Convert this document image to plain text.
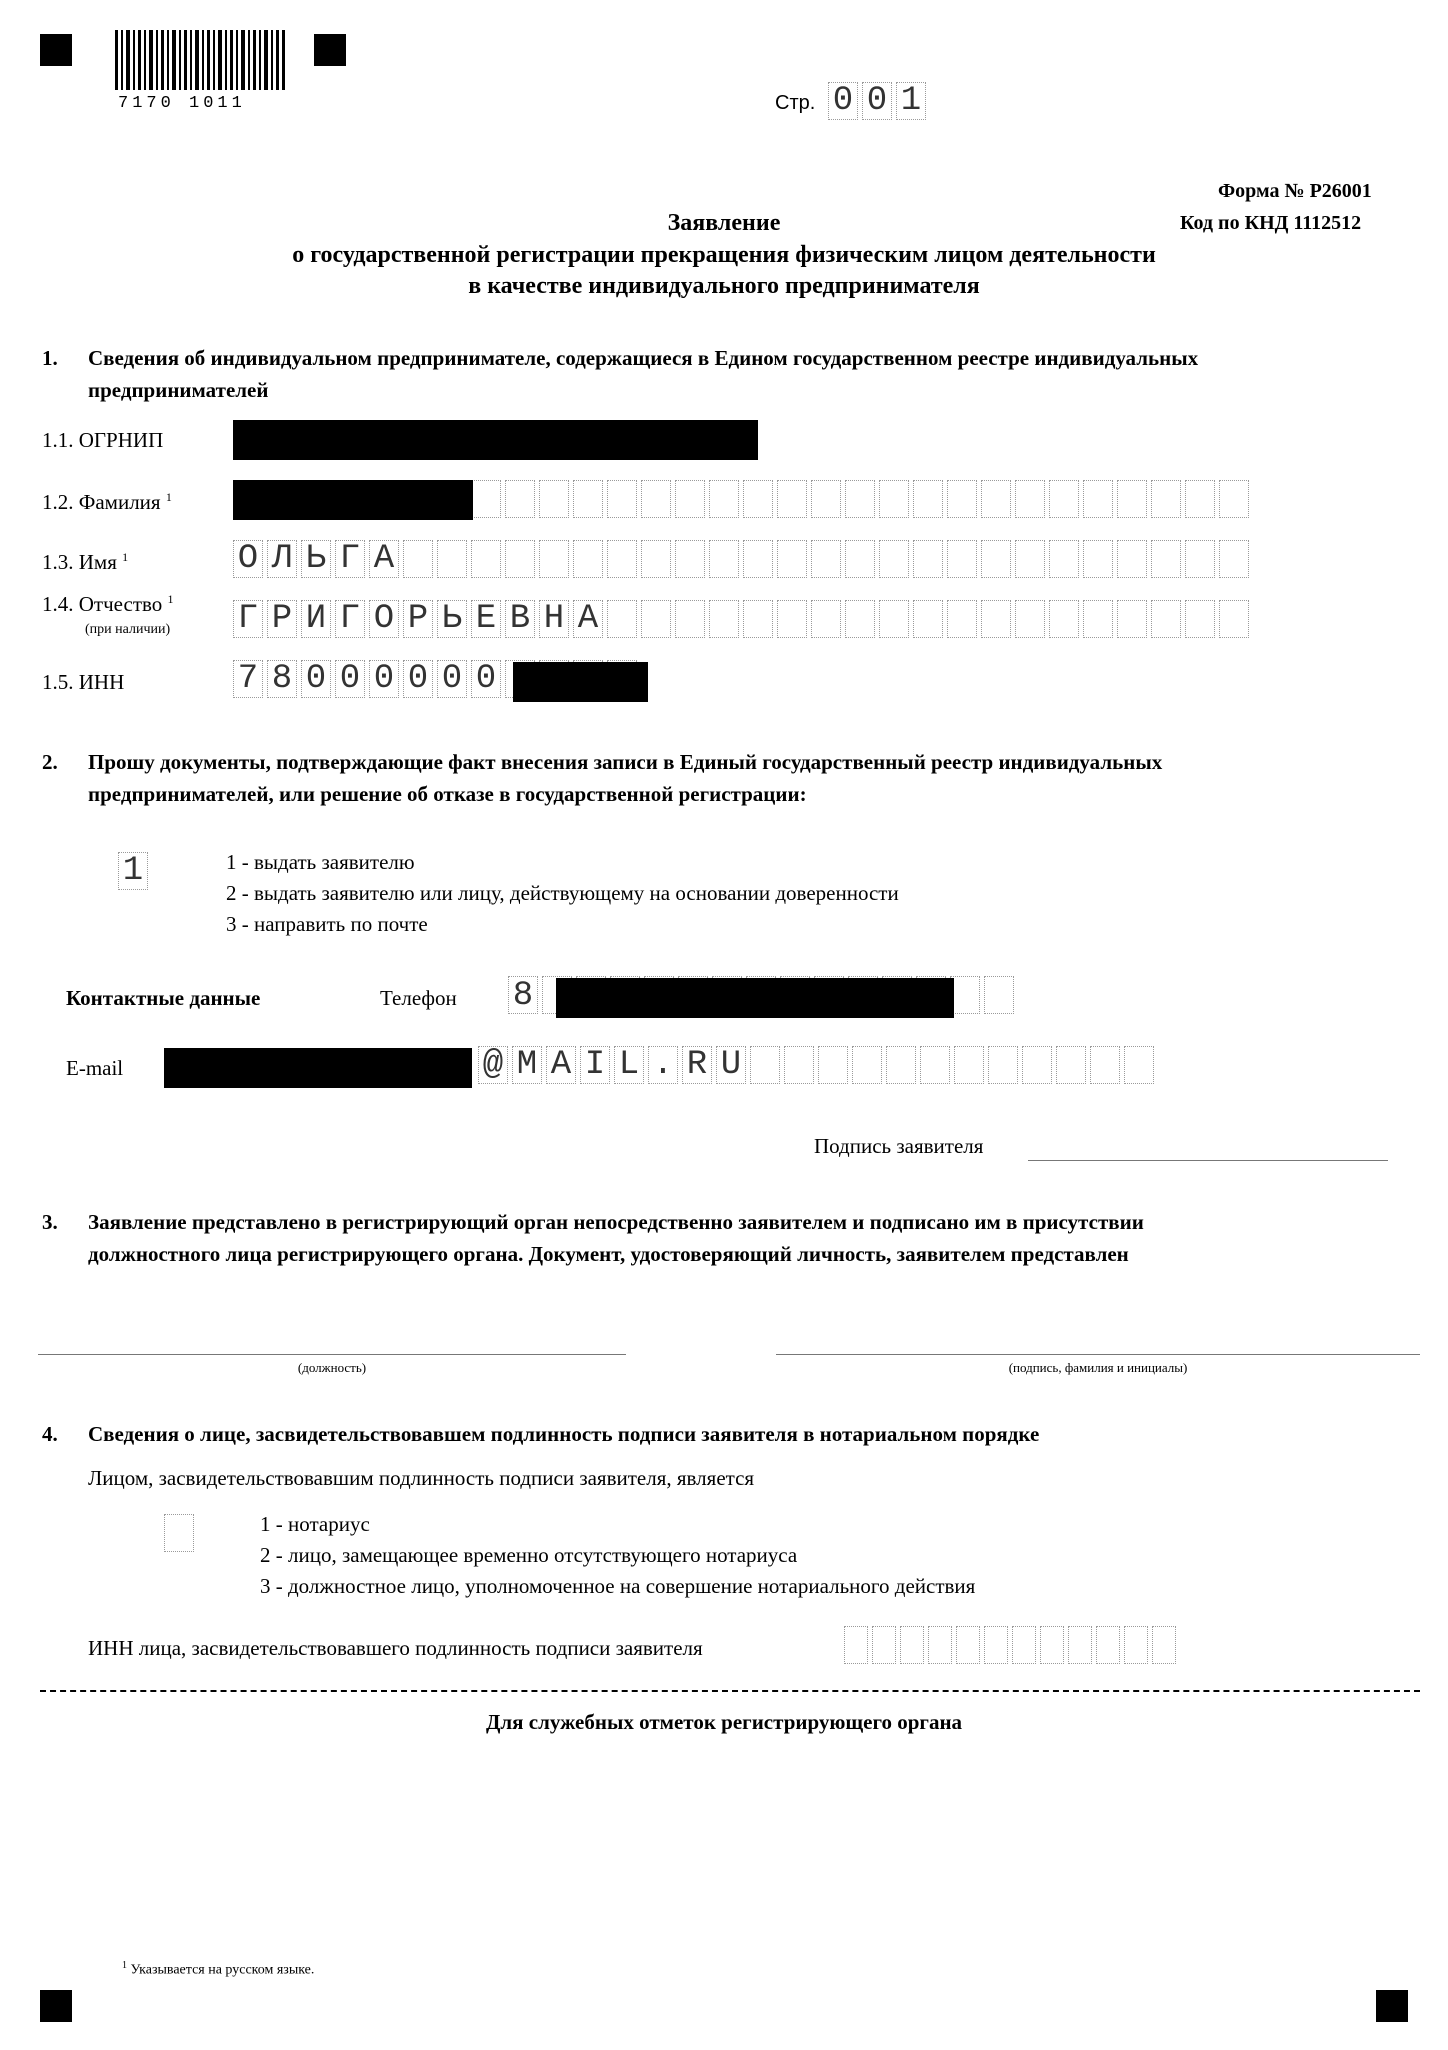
7170 1011	Стр. 0 0 1
Форма № Р26001
Код по КНД 1112512
Заявление
о государственной регистрации прекращения физическим лицом деятельности
в качестве индивидуального предпринимателя
1. Сведения об индивидуальном предпринимателе, содержащиеся в Едином государственном реестре индивидуальных
предпринимателей
1.1. ОГРНИП
1.2. Фамилия $^1$
1.3. Имя $^1$	О Л Ь Г А
1.4. Отчество $^1$
(при наличии) Г Р И Г О Р Ь Е В Н А
1.5. ИНН	7 8 0 0 0 0 0 0
2. Прошу документы, подтверждающие факт внесения записи в Единый государственный реестр индивидуальных
предпринимателей, или решение об отказе в государственной регистрации:
1	1 - выдать заявителю
2 - выдать заявителю или лицу, действующему на основании доверенности
3 - направить по почте
Контактные данные	Телефон 8
E-mail	@ M A I L . R U
Подпись заявителя
3. Заявление представлено в регистрирующий орган непосредственно заявителем и подписано им в присутствии
должностного лица регистрирующего органа. Документ, удостоверяющий личность, заявителем представлен
(должность)	(подпись, фамилия и инициалы)
4. Сведения о лице, засвидетельствовавшем подлинность подписи заявителя в нотариальном порядке
Лицом, засвидетельствовавшим подлинность подписи заявителя, является
1 - нотариус
2 - лицо, замещающее временно отсутствующего нотариуса
3 - должностное лицо, уполномоченное на совершение нотариального действия
ИНН лица, засвидетельствовавшего подлинность подписи заявителя
Для служебных отметок регистрирующего органа
$^1$ Указывается на русском языке.
